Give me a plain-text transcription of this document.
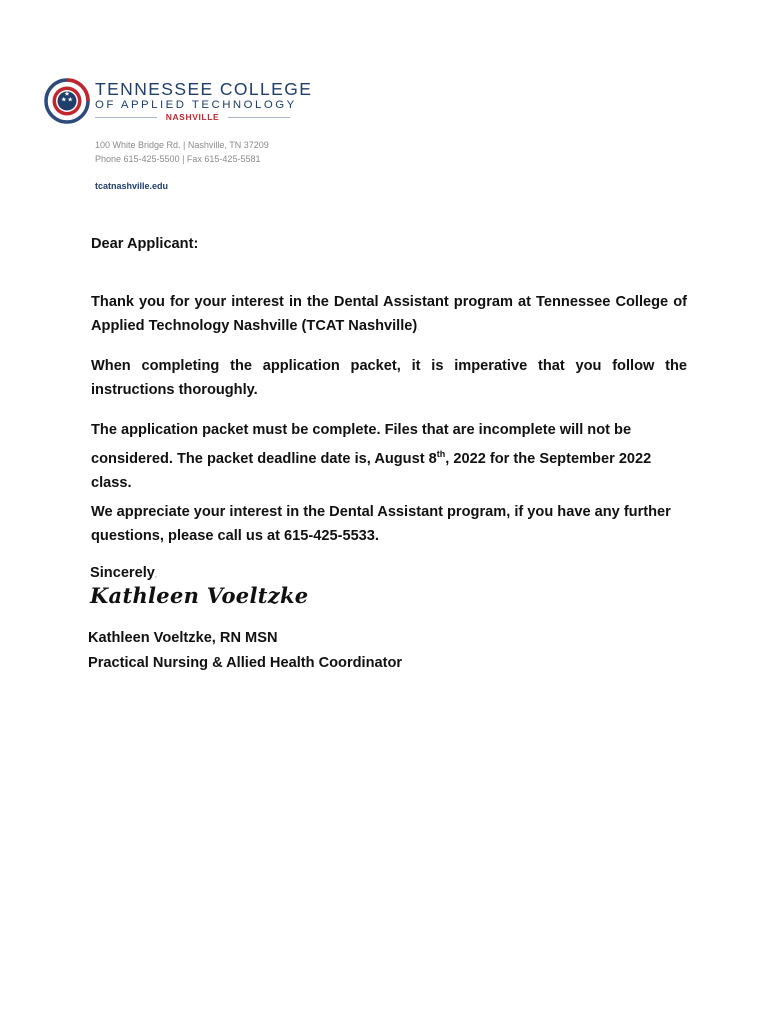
TENNESSEE COLLEGE
OF APPLIED TECHNOLOGY
NASHVILLE
100 White Bridge Rd. | Nashville, TN 37209
Phone 615-425-5500 | Fax 615-425-5581
tcatnashville.edu
Dear Applicant:
Thank you for your interest in the Dental Assistant program at Tennessee College of Applied Technology Nashville (TCAT Nashville).
When completing the application packet, it is imperative that you follow the instructions thoroughly.
The application packet must be complete. Files that are incomplete will not be considered. The packet deadline date is, August 8th, 2022 for the September 2022 class.
We appreciate your interest in the Dental Assistant program, if you have any further questions, please call us at 615-425-5533.
Sincerely,
Kathleen Voeltzke
Kathleen Voeltzke, RN MSN
Practical Nursing & Allied Health Coordinator
